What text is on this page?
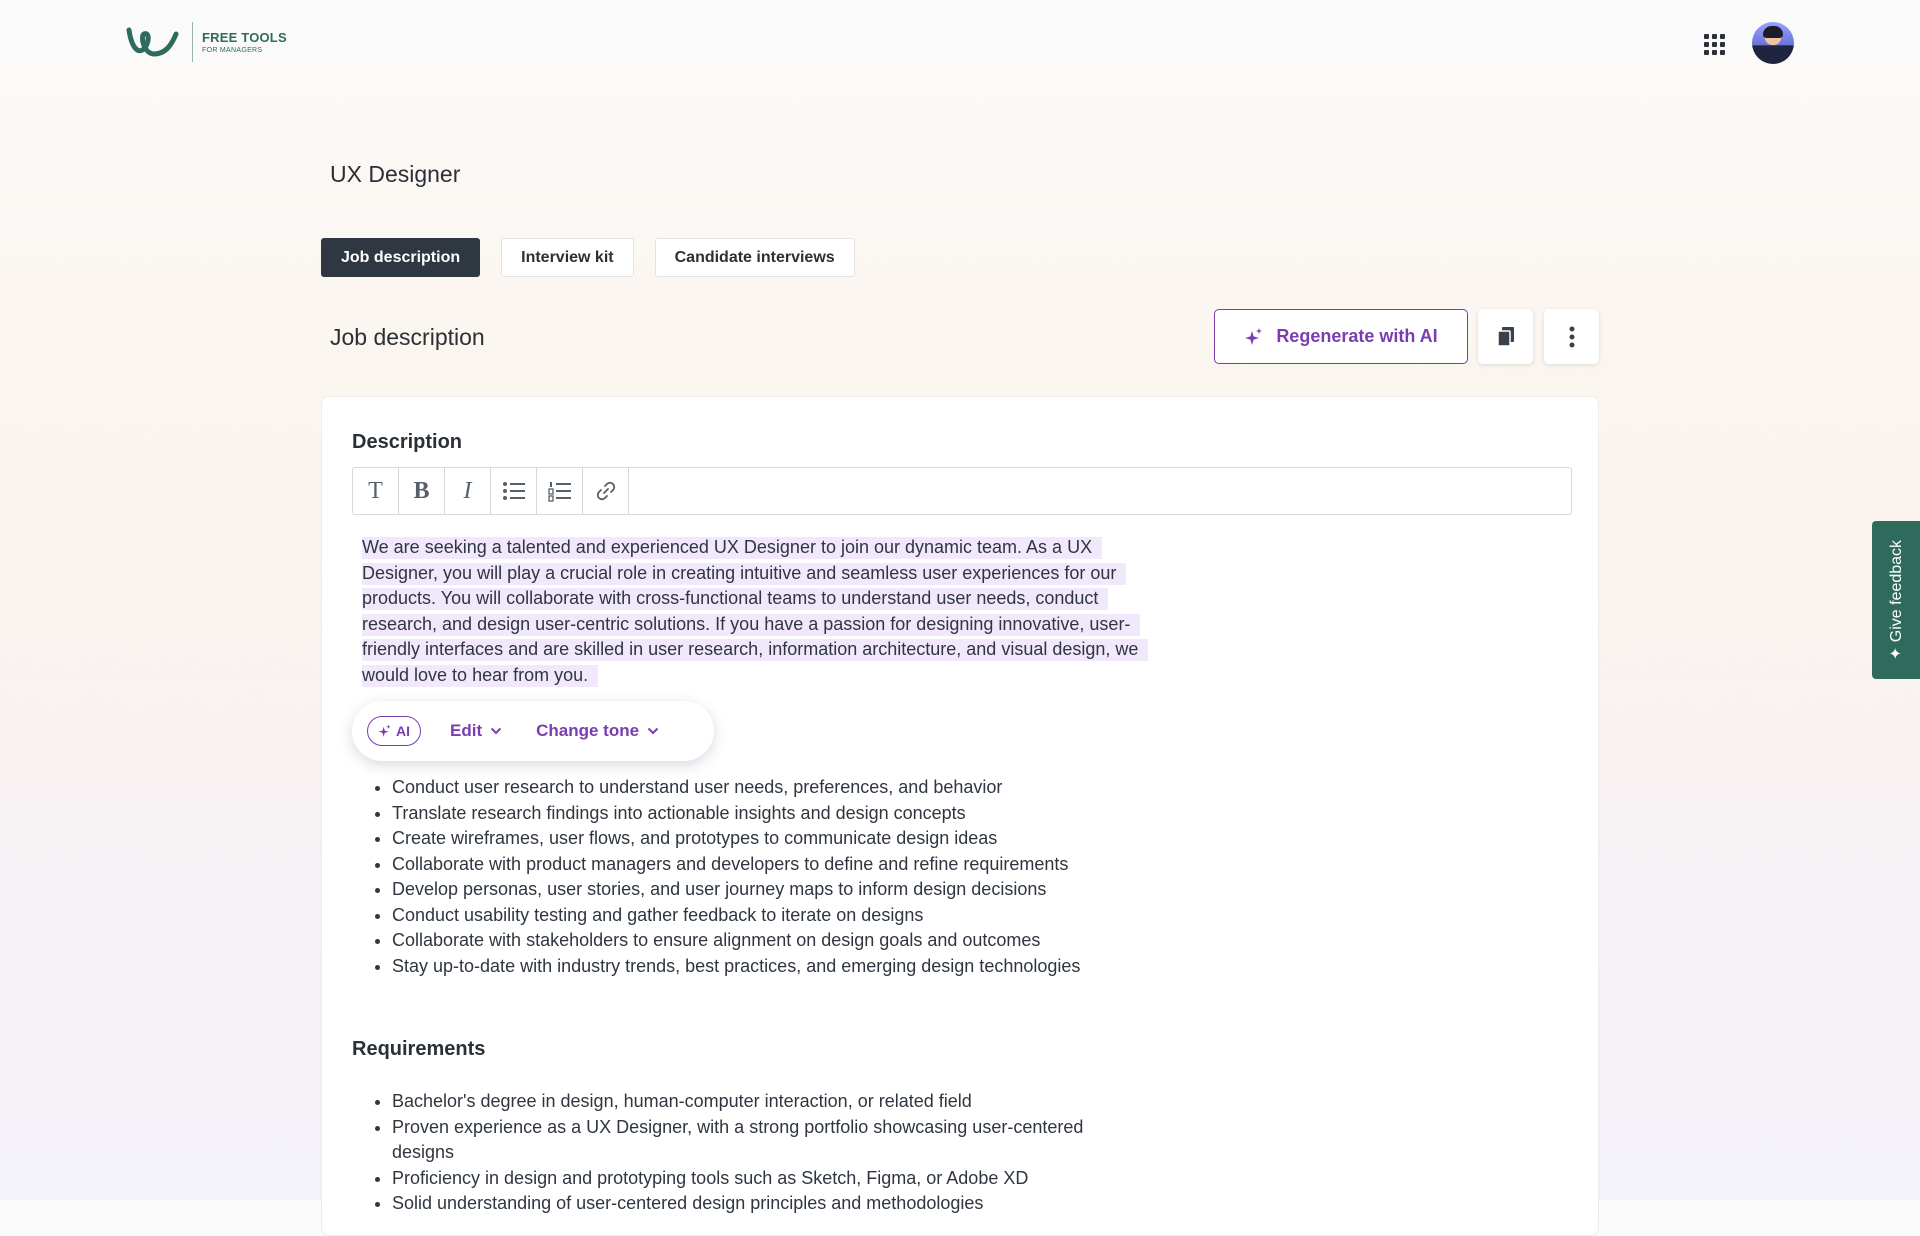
FREE TOOLS
FOR MANAGERS
UX Designer
Job description	Interview kit	Candidate interviews
Job description	Regenerate with AI
Description
T	B	I
We are seeking a talented and experienced UX Designer to join our dynamic team. As a UX Designer, you will play a crucial role in creating intuitive and seamless user experiences for our products. You will collaborate with cross-functional teams to understand user needs, conduct research, and design user-centric solutions. If you have a passion for designing innovative, user-friendly interfaces and are skilled in user research, information architecture, and visual design, we would love to hear from you.
AI Edit	Change tone
Conduct user research to understand user needs, preferences, and behavior
Translate research findings into actionable insights and design concepts
Create wireframes, user flows, and prototypes to communicate design ideas
Collaborate with product managers and developers to define and refine requirements
Develop personas, user stories, and user journey maps to inform design decisions
Conduct usability testing and gather feedback to iterate on designs
Collaborate with stakeholders to ensure alignment on design goals and outcomes
Stay up-to-date with industry trends, best practices, and emerging design technologies
Requirements
Bachelor's degree in design, human-computer interaction, or related field
Proven experience as a UX Designer, with a strong portfolio showcasing user-centered designs
Proficiency in design and prototyping tools such as Sketch, Figma, or Adobe XD
Solid understanding of user-centered design principles and methodologies
✦ Give feedback
